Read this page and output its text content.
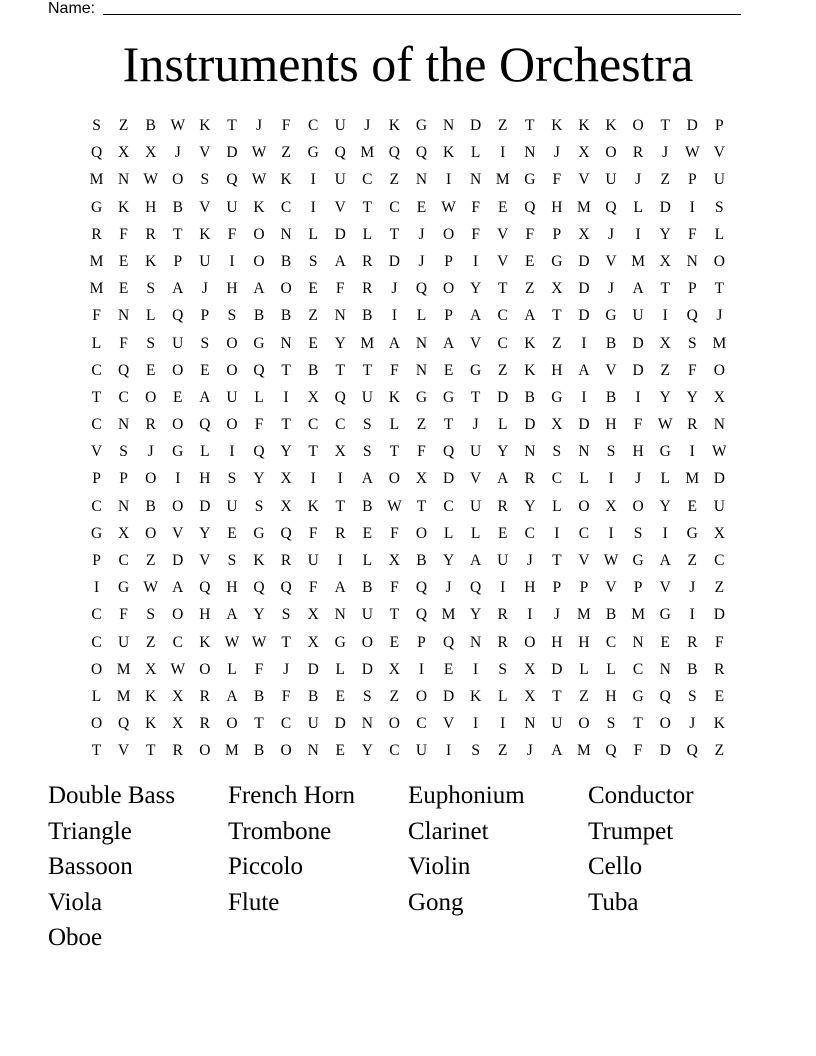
Name:
Instruments of the Orchestra
S	Z	B W K	T	J	F	C	U	J	K	G	N	D	Z	T	K	K	K	O	T	D	P
Q	X	X	J	V	D W Z	G	Q M Q	Q	K	L	I	N	J	X	O	R	J	W V
M N W O	S	Q W K	I	U	C	Z	N	I	N M G	F	V	U	J	Z	P	U
G	K	H	B	V	U	K	C	I	V	T	C	E W F	E	Q	H M Q	L	D	I	S
R	F	R	T	K	F	O	N	L	D	L	T	J	O	F	V	F	P	X	J	I	Y	F	L
M E	K	P	U	I	O	B	S	A	R	D	J	P	I	V	E	G	D	V M X	N	O
M E	S	A	J	H	A	O	E	F	R	J	Q	O	Y	T	Z	X	D	J	A	T	P	T
F	N	L	Q	P	S	B	B	Z	N	B	I	L	P	A	C	A	T	D	G	U	I	Q	J
L	F	S	U	S	O	G	N	E	Y M A	N	A	V	C	K	Z	I	B	D	X	S	M
C	Q	E	O	E	O	Q	T	B	T	T	F	N	E	G	Z	K	H	A	V	D	Z	F	O
T	C	O	E	A	U	L	I	X	Q	U	K	G	G	T	D	B	G	I	B	I	Y	Y	X
C	N	R	O	Q	O	F	T	C	C	S	L	Z	T	J	L	D	X	D	H	F W R	N
V	S	J	G	L	I	Q	Y	T	X	S	T	F	Q	U	Y	N	S	N	S	H	G	I	W
P	P	O	I	H	S	Y	X	I	I	A	O	X	D	V	A	R	C	L	I	J	L M D
C	N	B	O	D	U	S	X	K	T	B W T	C	U	R	Y	L	O	X	O	Y	E	U
G	X	O	V	Y	E	G	Q	F	R	E	F	O	L	L	E	C	I	C	I	S	I	G	X
P	C	Z	D	V	S	K	R	U	I	L	X	B	Y	A	U	J	T	V W G	A	Z	C
I	G W A	Q	H	Q	Q	F	A	B	F	Q	J	Q	I	H	P	P	V	P	V	J	Z
C	F	S	O	H	A	Y	S	X	N	U	T	Q M Y	R	I	J	M B M G	I	D
C	U	Z	C	K W W T	X	G	O	E	P	Q	N	R	O	H	H	C	N	E	R	F
O M X W O	L	F	J	D	L	D	X	I	E	I	S	X	D	L	L	C	N	B	R
L M K	X	R	A	B	F	B	E	S	Z	O	D	K	L	X	T	Z	H	G	Q	S	E
O	Q	K	X	R	O	T	C	U	D	N	O	C	V	I	I	N	U	O	S	T	O	J	K
T	V	T	R	O M B	O	N	E	Y	C	U	I	S	Z	J	A M Q	F	D	Q	Z
Double Bass	French Horn	Euphonium	Conductor
Triangle	Trombone	Clarinet	Trumpet
Bassoon	Piccolo	Violin	Cello
Viola	Flute	Gong	Tuba
Oboe
